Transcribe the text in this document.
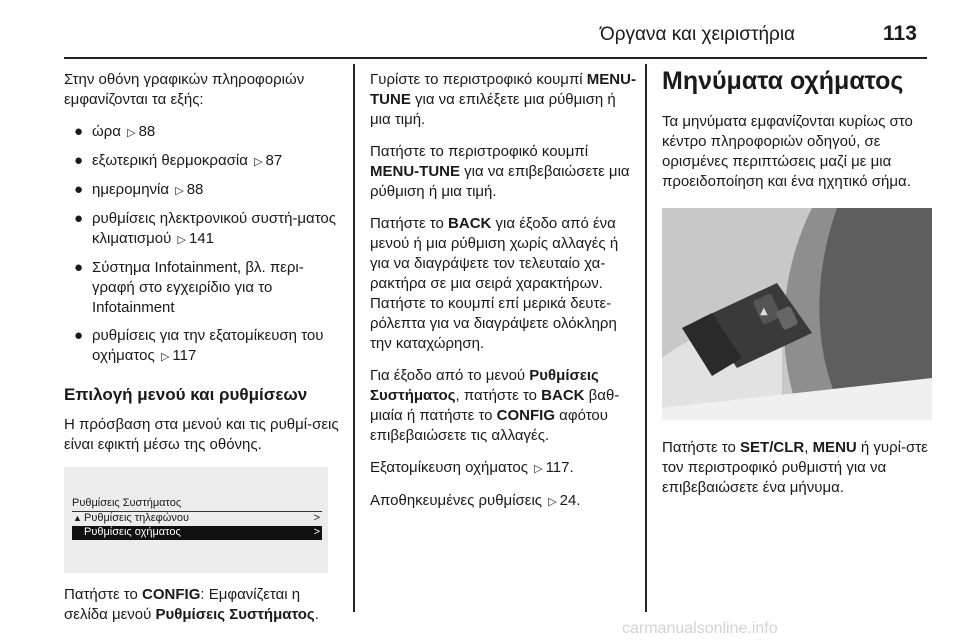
Όργανα και χειριστήρια	113

Στην οθόνη γραφικών πληροφοριών εμφανίζονται τα εξής:

● ώρα ▷ 88
● εξωτερική θερμοκρασία ▷ 87
● ημερομηνία ▷ 88
● ρυθμίσεις ηλεκτρονικού συστή-ματος κλιματισμού ▷ 141
● Σύστημα Infotainment, βλ. περι-γραφή στο εγχειρίδιο για το Infotainment
● ρυθμίσεις για την εξατομίκευση του οχήματος ▷ 117
Επιλογή μενού και ρυθμίσεων

Η πρόσβαση στα μενού και τις ρυθμί-σεις είναι εφικτή μέσω της οθόνης.

Ρυθμίσεις Συστήματος
▲ Ρυθμίσεις τηλεφώνου	>
Ρυθμίσεις οχήματος	>

Πατήστε το CONFIG: Εμφανίζεται η σελίδα μενού Ρυθμίσεις Συστήματος.

Γυρίστε το περιστροφικό κουμπί MENU-TUNE για να επιλέξετε μια ρύθμιση ή μια τιμή.

Πατήστε το περιστροφικό κουμπί MENU-TUNE για να επιβεβαιώσετε μια ρύθμιση ή μια τιμή.

Πατήστε το BACK για έξοδο από ένα μενού ή μια ρύθμιση χωρίς αλλαγές ή για να διαγράψετε τον τελευταίο χα-ρακτήρα σε μια σειρά χαρακτήρων. Πατήστε το κουμπί επί μερικά δευτε-ρόλεπτα για να διαγράψετε ολόκληρη την καταχώρηση.

Για έξοδο από το μενού Ρυθμίσεις Συστήματος, πατήστε το BACK βαθ-μιαία ή πατήστε το CONFIG αφότου επιβεβαιώσετε τις αλλαγές.

Εξατομίκευση οχήματος ▷ 117.

Αποθηκευμένες ρυθμίσεις ▷ 24.

Μηνύματα οχήματος

Τα μηνύματα εμφανίζονται κυρίως στο κέντρο πληροφοριών οδηγού, σε ορισμένες περιπτώσεις μαζί με μια προειδοποίηση και ένα ηχητικό σήμα.

▲

Πατήστε το SET/CLR, MENU ή γυρί-στε τον περιστροφικό ρυθμιστή για να επιβεβαιώσετε ένα μήνυμα.

carmanualsonline.info
